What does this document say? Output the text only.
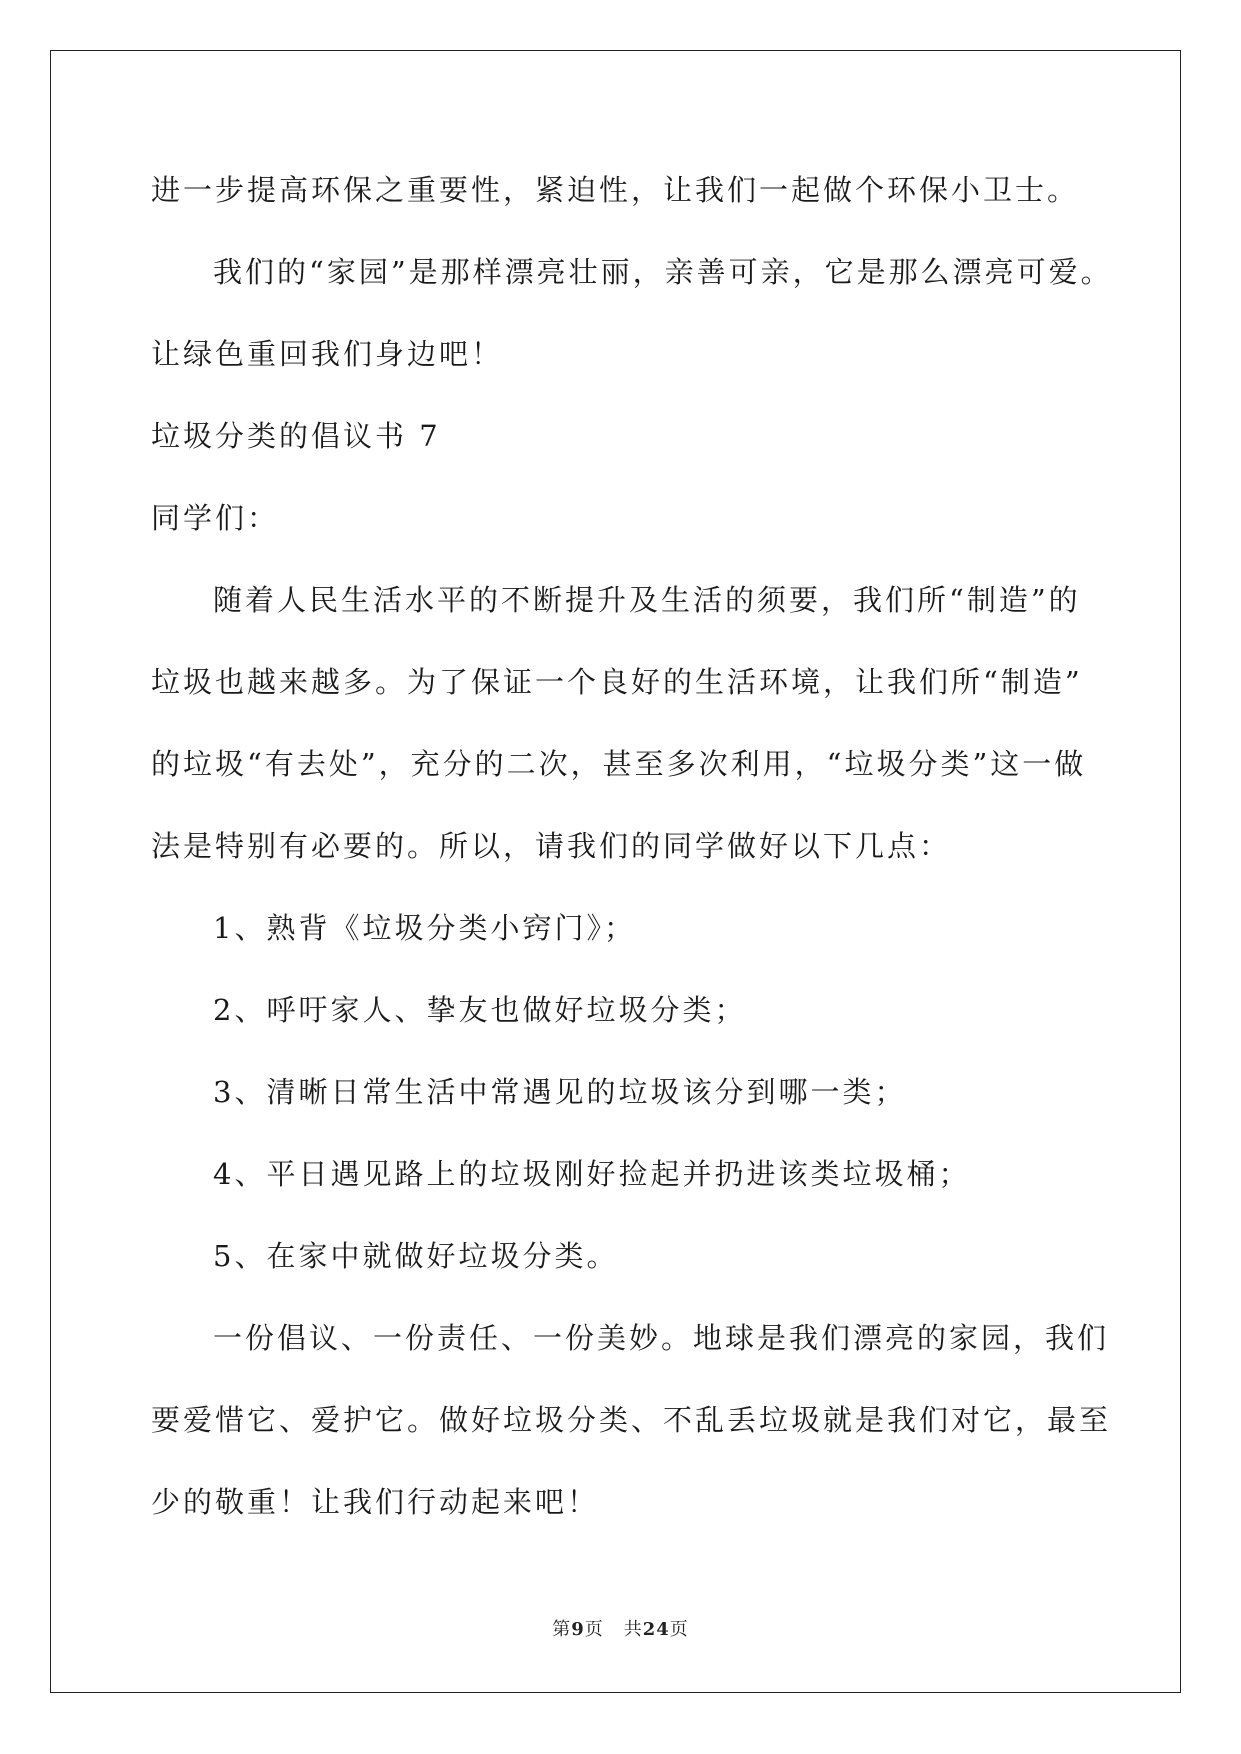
进一步提高环保之重要性，紧迫性，让我们一起做个环保小卫士。
我们的“家园”是那样漂亮壮丽，亲善可亲，它是那么漂亮可爱。
让绿色重回我们身边吧！
垃圾分类的倡议书 7
同学们：
随着人民生活水平的不断提升及生活的须要，我们所“制造”的
垃圾也越来越多。为了保证一个良好的生活环境，让我们所“制造”
的垃圾“有去处”，充分的二次，甚至多次利用，“垃圾分类”这一做
法是特别有必要的。所以，请我们的同学做好以下几点：
1、熟背《垃圾分类小窍门》；
2、呼吁家人、挚友也做好垃圾分类；
3、清晰日常生活中常遇见的垃圾该分到哪一类；
4、平日遇见路上的垃圾刚好捡起并扔进该类垃圾桶；
5、在家中就做好垃圾分类。
一份倡议、一份责任、一份美妙。地球是我们漂亮的家园，我们
要爱惜它、爱护它。做好垃圾分类、不乱丢垃圾就是我们对它，最至
少的敬重！让我们行动起来吧！
第9页 共24页
